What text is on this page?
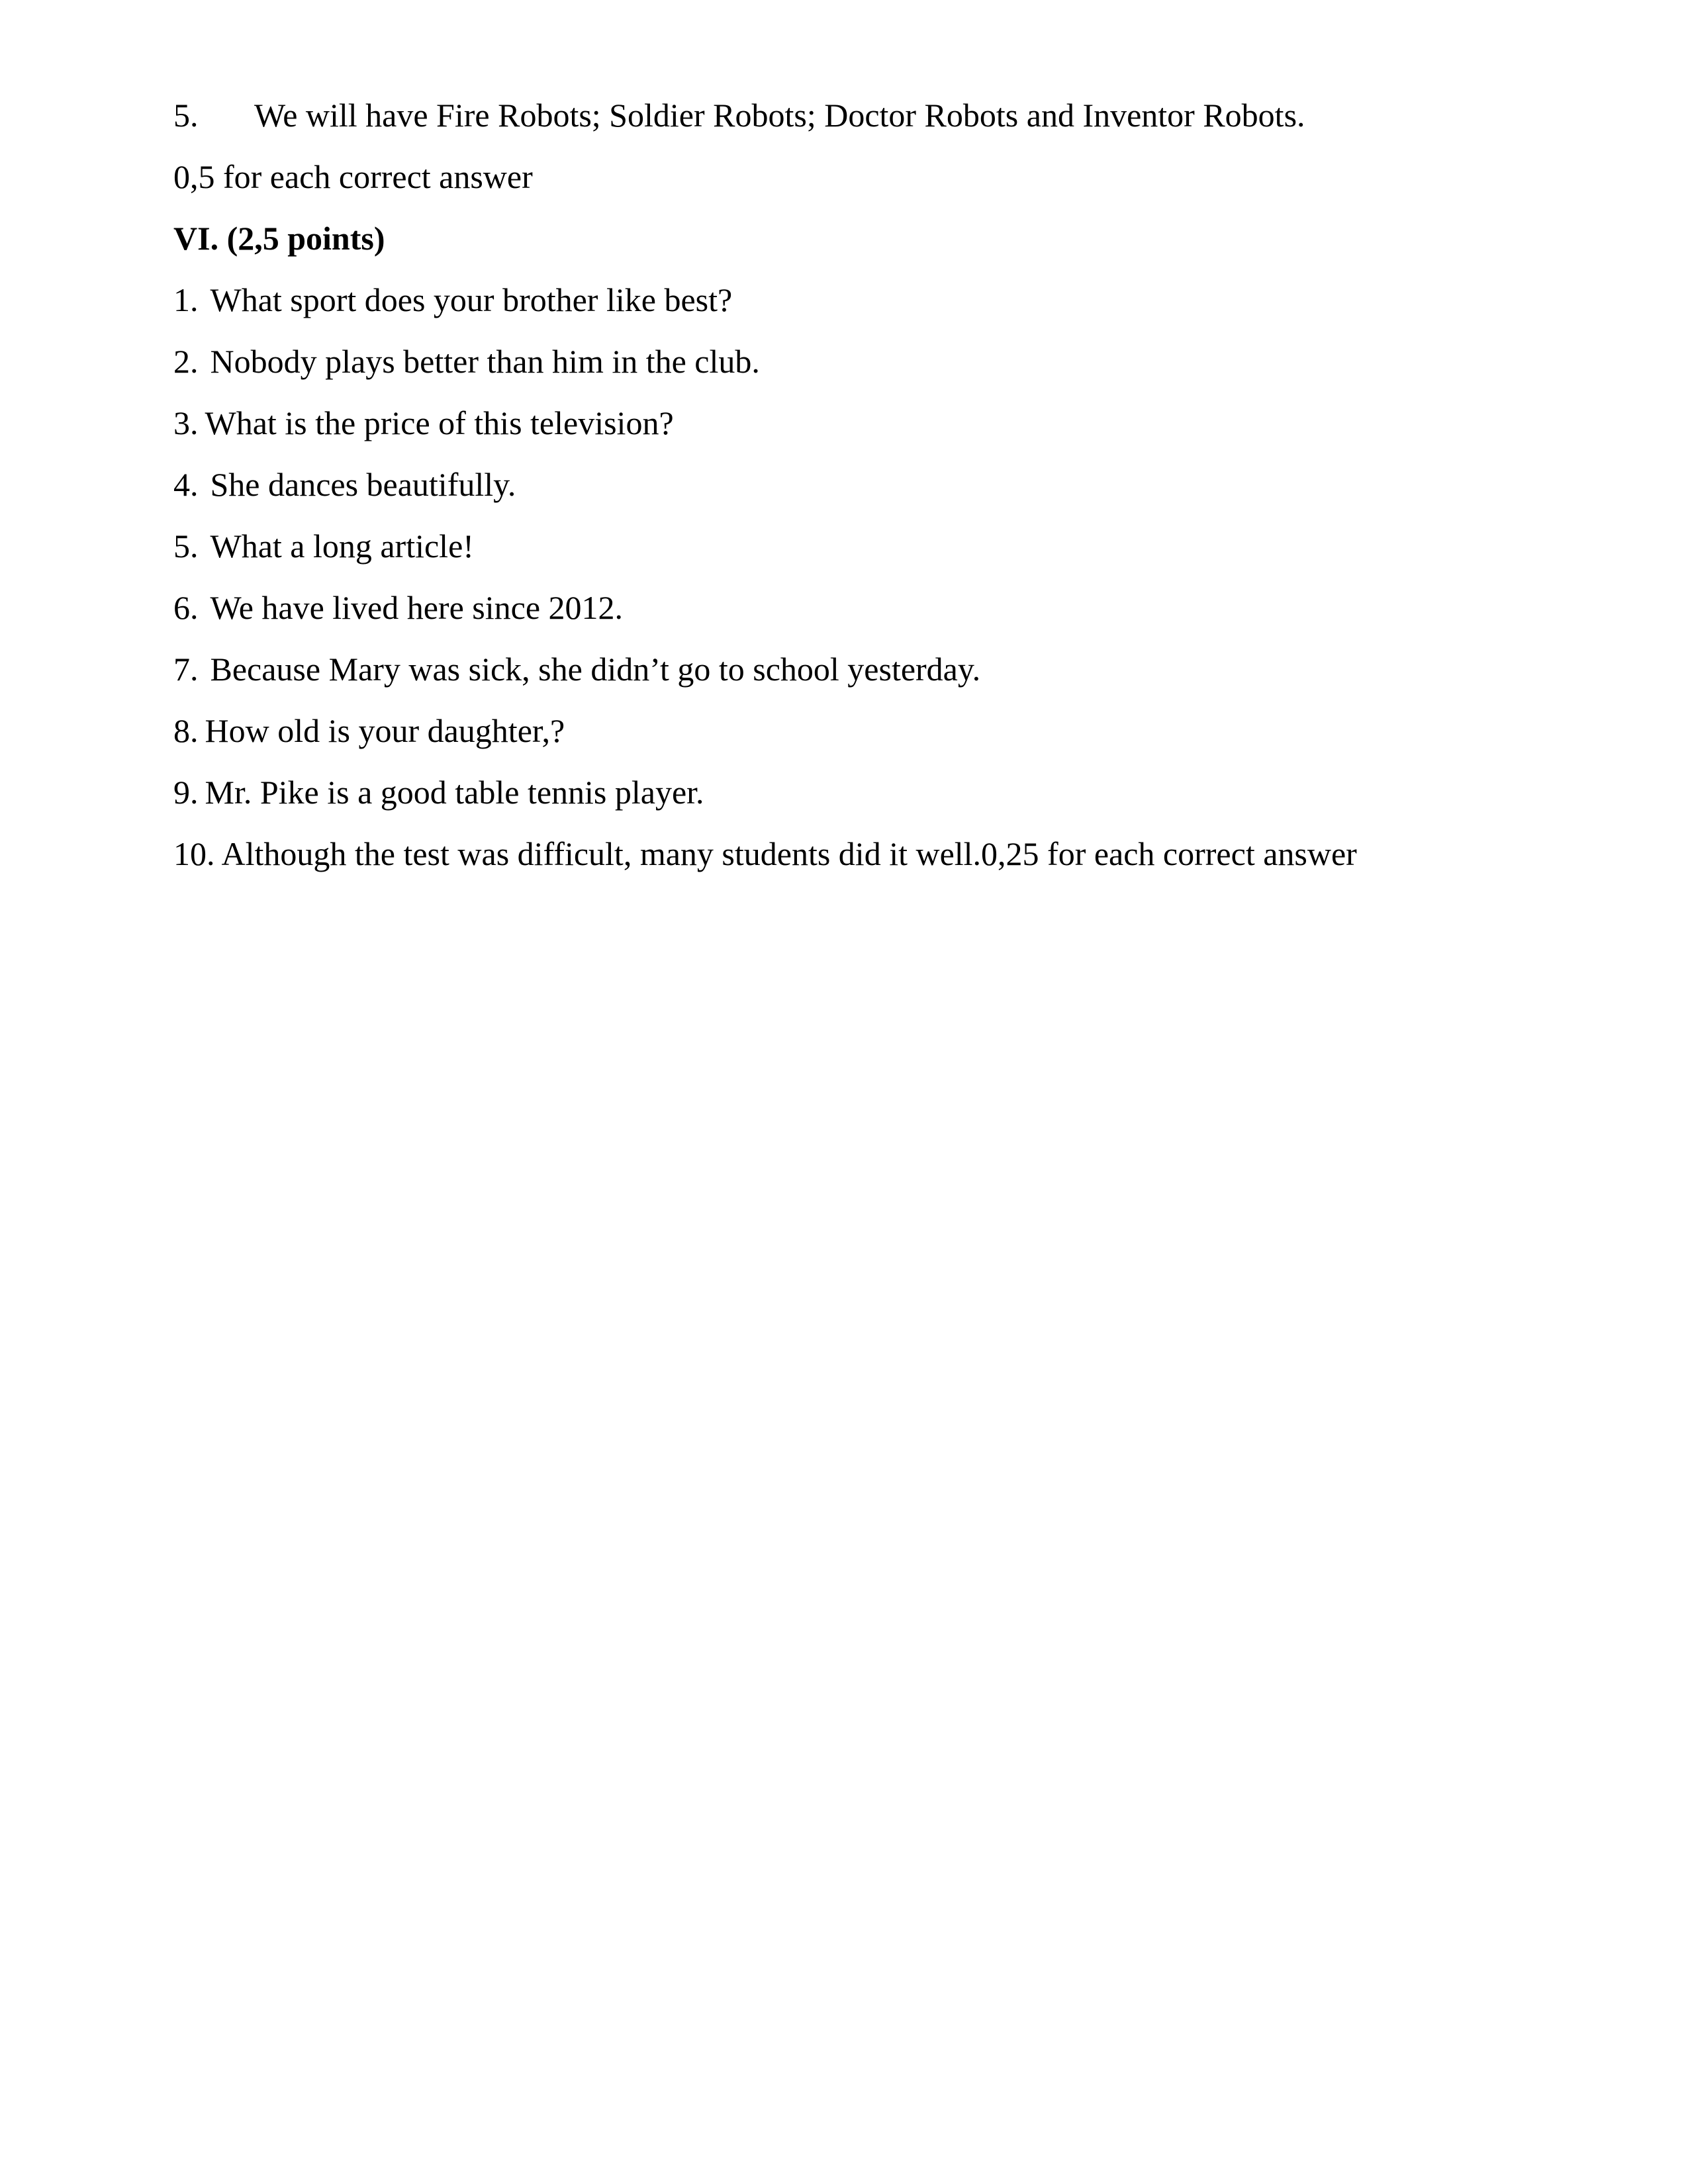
5. We will have Fire Robots; Soldier Robots; Doctor Robots and Inventor Robots.
0,5 for each correct answer
VI. (2,5 points)
1. What sport does your brother like best?
2. Nobody plays better than him in the club.
3. What is the price of this television?
4. She dances beautifully.
5. What a long article!
6. We have lived here since 2012.
7. Because Mary was sick, she didn’t go to school yesterday.
8. How old is your daughter,?
9. Mr. Pike is a good table tennis player.
10. Although the test was difficult, many students did it well.0,25 for each correct answer
